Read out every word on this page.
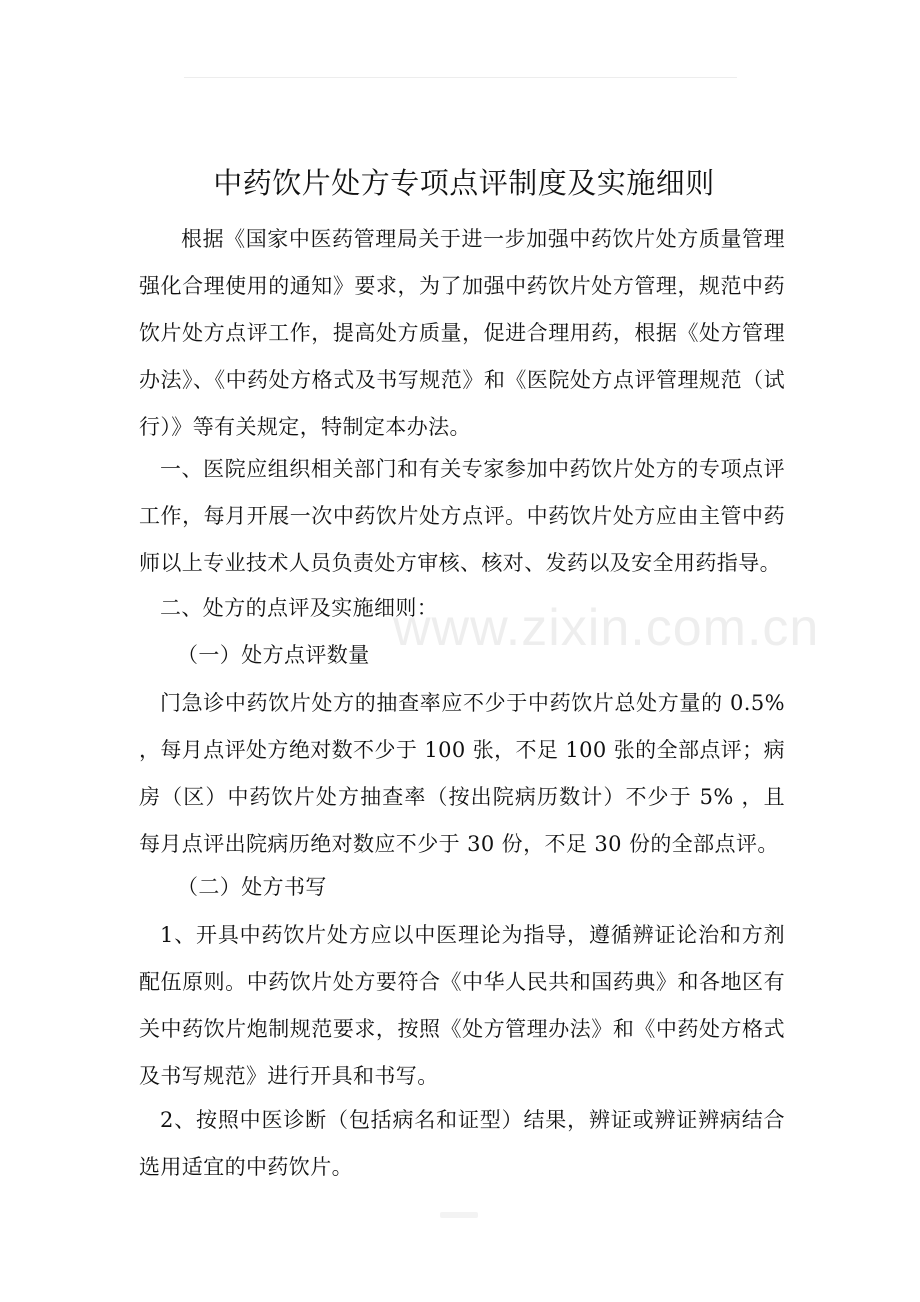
中药饮片处方专项点评制度及实施细则

根据《国家中医药管理局关于进一步加强中药饮片处方质量管理强化合理使用的通知》要求，为了加强中药饮片处方管理，规范中药饮片处方点评工作，提高处方质量，促进合理用药，根据《处方管理办法》、《中药处方格式及书写规范》和《医院处方点评管理规范（试行）》等有关规定，特制定本办法。

一、医院应组织相关部门和有关专家参加中药饮片处方的专项点评工作，每月开展一次中药饮片处方点评。中药饮片处方应由主管中药师以上专业技术人员负责处方审核、核对、发药以及安全用药指导。

二、处方的点评及实施细则：

（一）处方点评数量

门急诊中药饮片处方的抽查率应不少于中药饮片总处方量的 0.5% ，每月点评处方绝对数不少于 100 张，不足 100 张的全部点评；病房（区）中药饮片处方抽查率（按出院病历数计）不少于 5% ，且每月点评出院病历绝对数应不少于 30 份，不足 30 份的全部点评。

（二）处方书写

1、开具中药饮片处方应以中医理论为指导，遵循辨证论治和方剂配伍原则。中药饮片处方要符合《中华人民共和国药典》和各地区有关中药饮片炮制规范要求，按照《处方管理办法》和《中药处方格式及书写规范》进行开具和书写。

2、按照中医诊断（包括病名和证型）结果，辨证或辨证辨病结合选用适宜的中药饮片。

www.zixin.com.cn
